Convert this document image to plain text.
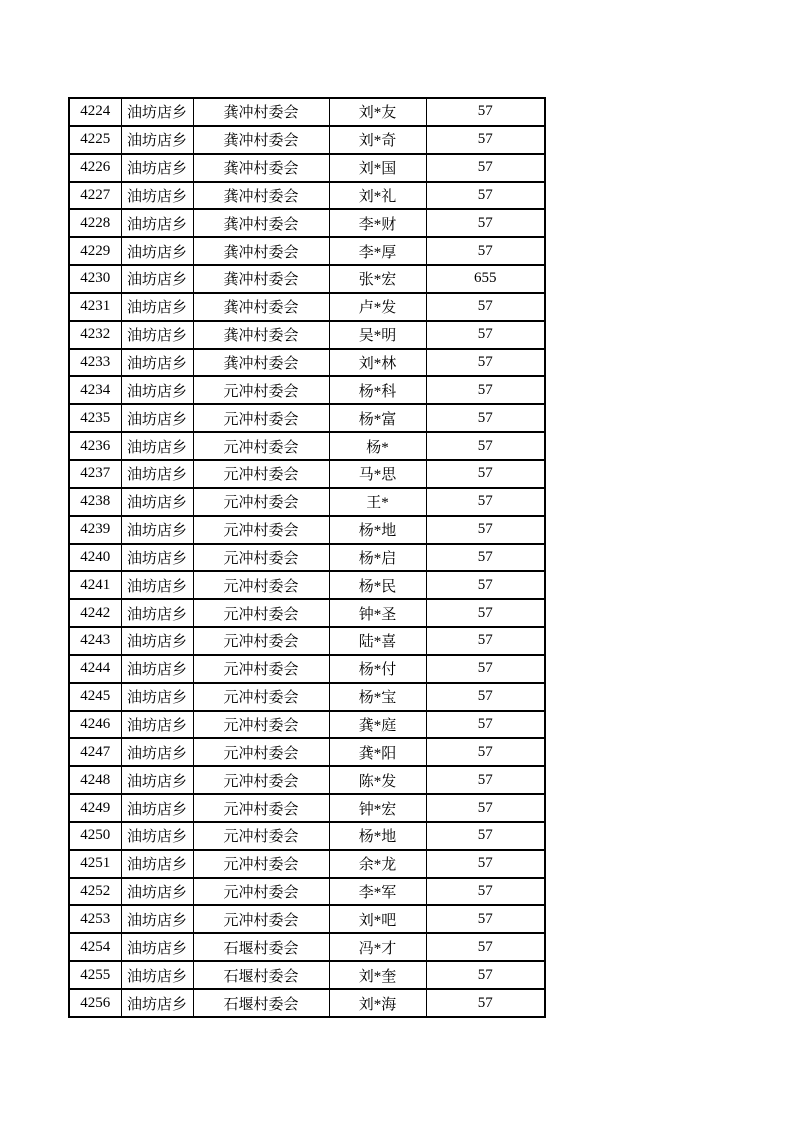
4224	油坊店乡	龚冲村委会	刘*友	57
4225	油坊店乡	龚冲村委会	刘*奇	57
4226	油坊店乡	龚冲村委会	刘*国	57
4227	油坊店乡	龚冲村委会	刘*礼	57
4228	油坊店乡	龚冲村委会	李*财	57
4229	油坊店乡	龚冲村委会	李*厚	57
4230	油坊店乡	龚冲村委会	张*宏	655
4231	油坊店乡	龚冲村委会	卢*发	57
4232	油坊店乡	龚冲村委会	吴*明	57
4233	油坊店乡	龚冲村委会	刘*林	57
4234	油坊店乡	元冲村委会	杨*科	57
4235	油坊店乡	元冲村委会	杨*富	57
4236	油坊店乡	元冲村委会	杨*	57
4237	油坊店乡	元冲村委会	马*思	57
4238	油坊店乡	元冲村委会	王*	57
4239	油坊店乡	元冲村委会	杨*地	57
4240	油坊店乡	元冲村委会	杨*启	57
4241	油坊店乡	元冲村委会	杨*民	57
4242	油坊店乡	元冲村委会	钟*圣	57
4243	油坊店乡	元冲村委会	陆*喜	57
4244	油坊店乡	元冲村委会	杨*付	57
4245	油坊店乡	元冲村委会	杨*宝	57
4246	油坊店乡	元冲村委会	龚*庭	57
4247	油坊店乡	元冲村委会	龚*阳	57
4248	油坊店乡	元冲村委会	陈*发	57
4249	油坊店乡	元冲村委会	钟*宏	57
4250	油坊店乡	元冲村委会	杨*地	57
4251	油坊店乡	元冲村委会	余*龙	57
4252	油坊店乡	元冲村委会	李*军	57
4253	油坊店乡	元冲村委会	刘*吧	57
4254	油坊店乡	石堰村委会	冯*才	57
4255	油坊店乡	石堰村委会	刘*奎	57
4256	油坊店乡	石堰村委会	刘*海	57
